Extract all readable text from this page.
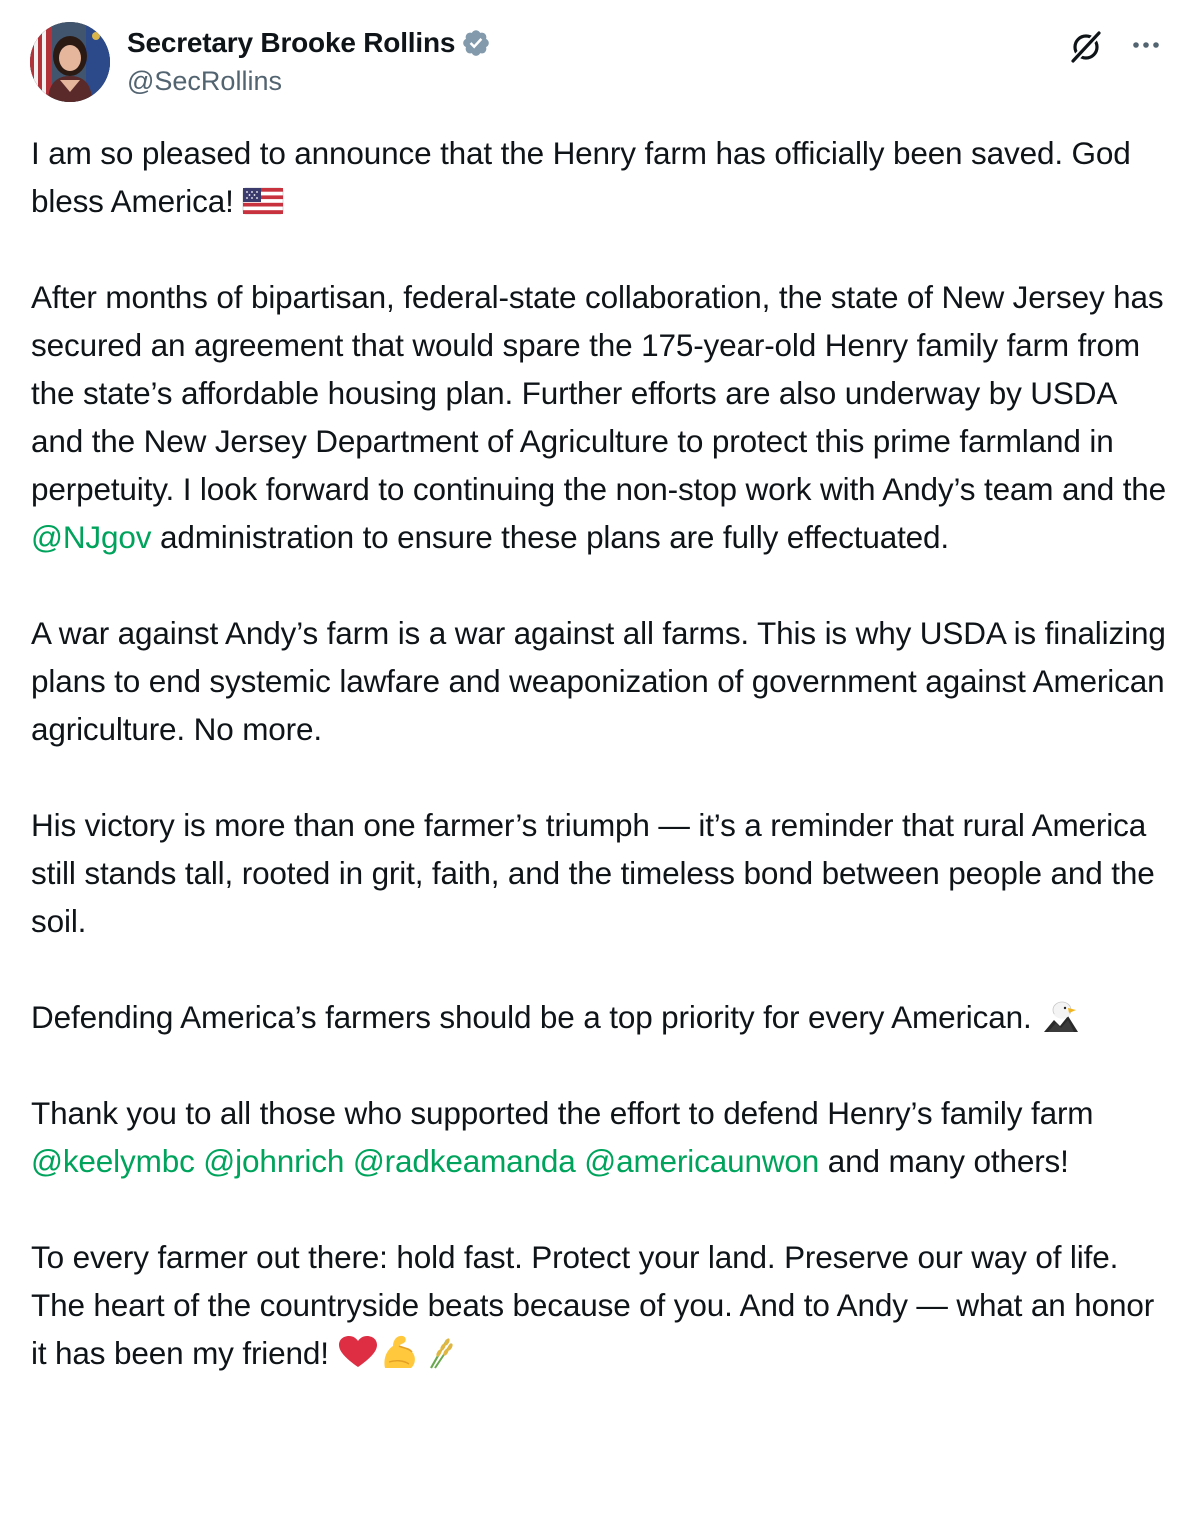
Secretary Brooke Rollins
@SecRollins

I am so pleased to announce that the Henry farm has officially been saved. God bless America!

After months of bipartisan, federal-state collaboration, the state of New Jersey has secured an agreement that would spare the 175-year-old Henry family farm from the state’s affordable housing plan. Further efforts are also underway by USDA and the New Jersey Department of Agriculture to protect this prime farmland in perpetuity. I look forward to continuing the non-stop work with Andy’s team and the @NJgov administration to ensure these plans are fully effectuated.

A war against Andy’s farm is a war against all farms. This is why USDA is finalizing plans to end systemic lawfare and weaponization of government against American agriculture. No more.

His victory is more than one farmer’s triumph — it’s a reminder that rural America still stands tall, rooted in grit, faith, and the timeless bond between people and the soil.

Defending America’s farmers should be a top priority for every American.

Thank you to all those who supported the effort to defend Henry’s family farm @keelymbc @johnrich @radkeamanda @americaunwon and many others!

To every farmer out there: hold fast. Protect your land. Preserve our way of life. The heart of the countryside beats because of you. And to Andy — what an honor it has been my friend!
